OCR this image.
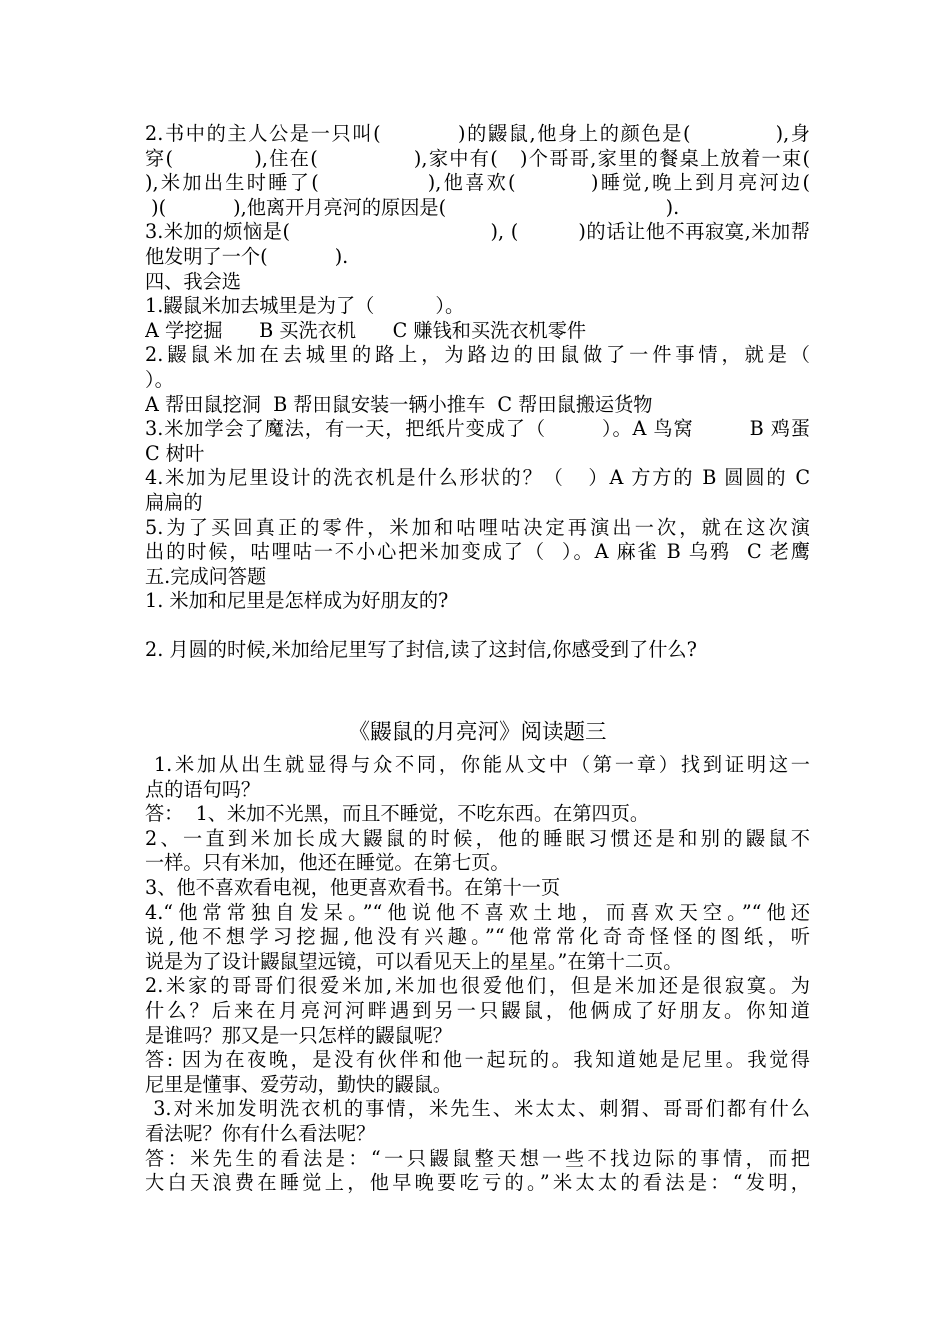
2.书中的主人公是一只叫(          )的鼹鼠,他身上的颜色是(           ),身
穿(           ),住在(             ),家中有(   )个哥哥,家里的餐桌上放着一束(
),米加出生时睡了(             ),他喜欢(         )睡觉,晚上到月亮河边(
)(           ),他离开月亮河的原因是(                                    ).
3.米加的烦恼是(                              ), (         )的话让他不再寂寞,米加帮
他发明了一个(           ).
四、我会选
1.鼹鼠米加去城里是为了（          ）。
A 学挖掘      B 买洗衣机      C 赚钱和买洗衣机零件
2.鼹鼠米加在去城里的路上，为路边的田鼠做了一件事情，就是（
）。
A 帮田鼠挖洞  B 帮田鼠安装一辆小推车  C 帮田鼠搬运货物
3.米加学会了魔法，有一天，把纸片变成了（        ）。A 鸟窝        B 鸡蛋
C 树叶
4.米加为尼里设计的洗衣机是什么形状的？（   ）A 方方的 B 圆圆的 C
扁扁的
5.为了买回真正的零件，米加和咕哩咕决定再演出一次，就在这次演
出的时候，咕哩咕一不小心把米加变成了（  ）。A 麻雀 B 乌鸦  C 老鹰
五.完成问答题
1. 米加和尼里是怎样成为好朋友的?
2. 月圆的时候,米加给尼里写了封信,读了这封信,你感受到了什么?
《鼹鼠的月亮河》阅读题三
1.米加从出生就显得与众不同，你能从文中（第一章）找到证明这一
点的语句吗？
答：  1、米加不光黑，而且不睡觉，不吃东西。在第四页。
2、一直到米加长成大鼹鼠的时候，他的睡眠习惯还是和别的鼹鼠不
一样。只有米加，他还在睡觉。在第七页。
3、他不喜欢看电视，他更喜欢看书。在第十一页
4.“他常常独自发呆。”“他说他不喜欢土地，而喜欢天空。”“他还
说,他不想学习挖掘,他没有兴趣。”“他常常化奇奇怪怪的图纸，听
说是为了设计鼹鼠望远镜，可以看见天上的星星。”在第十二页。
2.米家的哥哥们很爱米加,米加也很爱他们，但是米加还是很寂寞。为
什么？后来在月亮河河畔遇到另一只鼹鼠，他俩成了好朋友。你知道
是谁吗？那又是一只怎样的鼹鼠呢？
答: 因为在夜晚，是没有伙伴和他一起玩的。我知道她是尼里。我觉得
尼里是懂事、爱劳动，勤快的鼹鼠。
3.对米加发明洗衣机的事情，米先生、米太太、刺猬、哥哥们都有什么
看法呢？你有什么看法呢？
答：米先生的看法是：“一只鼹鼠整天想一些不找边际的事情，而把
大白天浪费在睡觉上，他早晚要吃亏的。”米太太的看法是：“发明，
